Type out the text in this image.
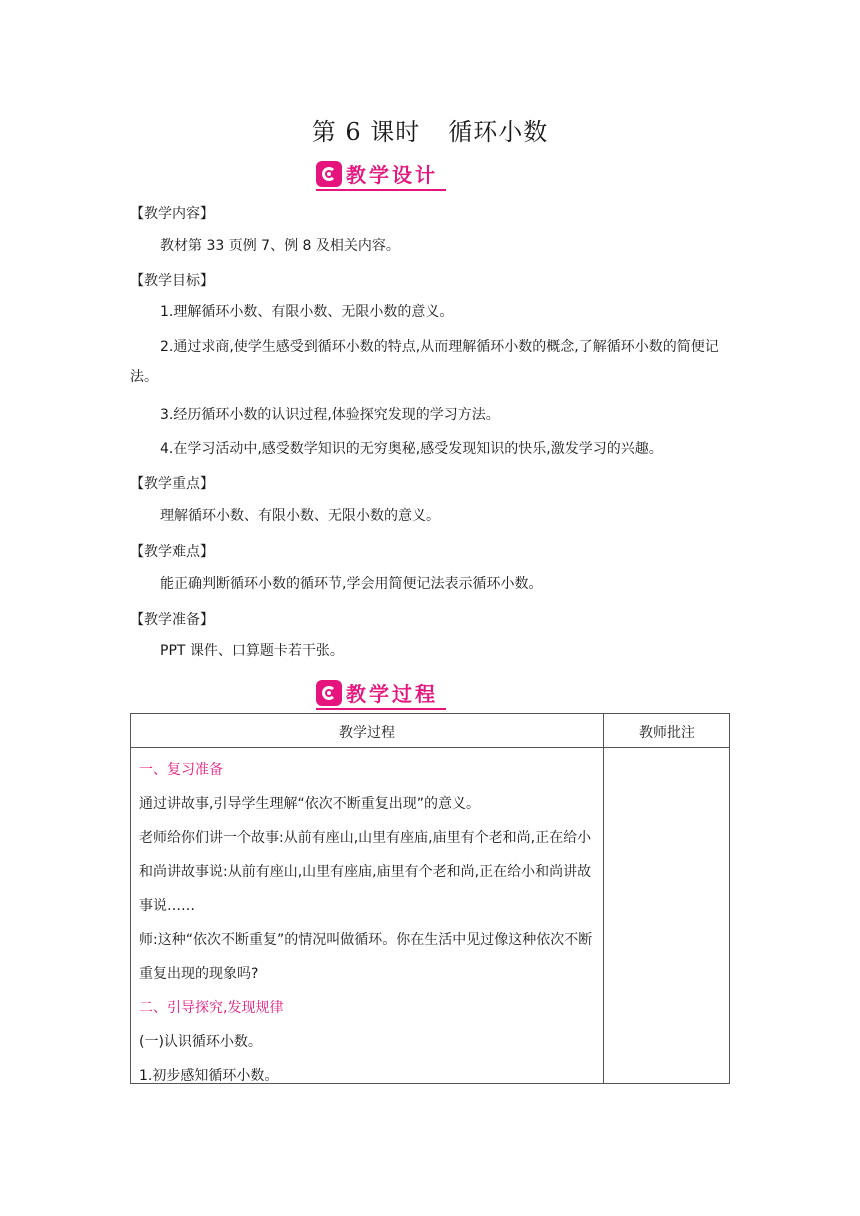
第 6 课时 循环小数
教学设计
【教学内容】
教材第 33 页例 7、例 8 及相关内容。
【教学目标】
1.理解循环小数、有限小数、无限小数的意义。
2.通过求商,使学生感受到循环小数的特点,从而理解循环小数的概念,了解循环小数的简便记法。
3.经历循环小数的认识过程,体验探究发现的学习方法。
4.在学习活动中,感受数学知识的无穷奥秘,感受发现知识的快乐,激发学习的兴趣。
【教学重点】
理解循环小数、有限小数、无限小数的意义。
【教学难点】
能正确判断循环小数的循环节,学会用简便记法表示循环小数。
【教学准备】
PPT 课件、口算题卡若干张。
教学过程
教学过程	教师批注
一、复习准备
通过讲故事,引导学生理解“依次不断重复出现”的意义。
老师给你们讲一个故事:从前有座山,山里有座庙,庙里有个老和尚,正在给小和尚讲故事说:从前有座山,山里有座庙,庙里有个老和尚,正在给小和尚讲故事说……
师:这种“依次不断重复”的情况叫做循环。你在生活中见过像这种依次不断重复出现的现象吗?
二、引导探究,发现规律
(一)认识循环小数。
1.初步感知循环小数。
